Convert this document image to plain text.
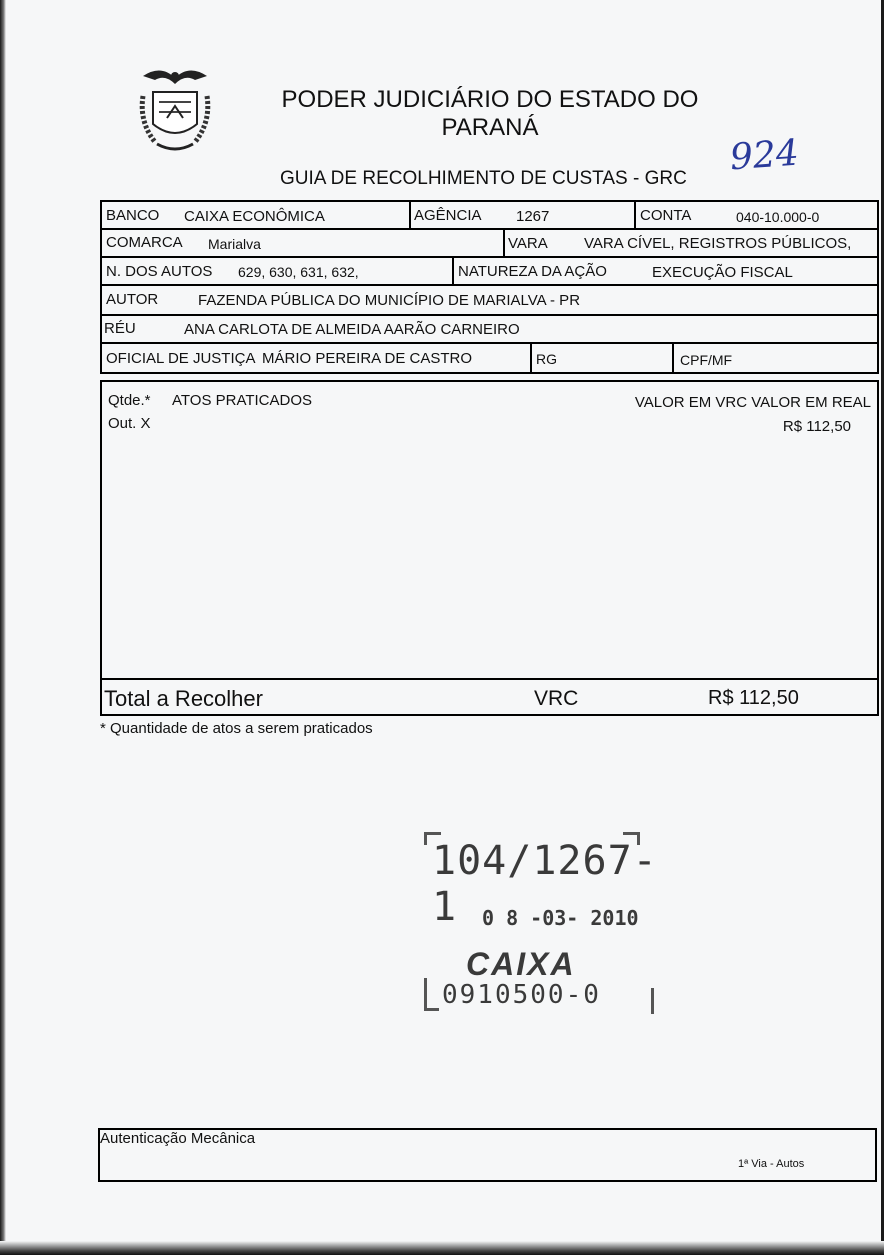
PODER JUDICIÁRIO DO ESTADO DO
PARANÁ
GUIA DE RECOLHIMENTO DE CUSTAS - GRC
924
BANCO CAIXA ECONÔMICA	AGÊNCIA 1267	CONTA	040-10.000-0
COMARCA Marialva	VARA VARA CÍVEL, REGISTROS PÚBLICOS,
N. DOS AUTOS 629, 630, 631, 632,	NATUREZA DA AÇÃO	EXECUÇÃO FISCAL
AUTOR	FAZENDA PÚBLICA DO MUNICÍPIO DE MARIALVA - PR
RÉU	ANA CARLOTA DE ALMEIDA AARÃO CARNEIRO
OFICIAL DE JUSTIÇA MÁRIO PEREIRA DE CASTRO	RG	CPF/MF
Qtde.* ATOS PRATICADOS	VALOR EM VRC VALOR EM REAL
Out. X	R$ 112,50
Total a Recolher	VRC	R$ 112,50
* Quantidade de atos a serem praticados
104/1267-1	0 8 -03- 2010
CAIXA
0910500-0
Autenticação Mecânica
1ª Via - Autos
